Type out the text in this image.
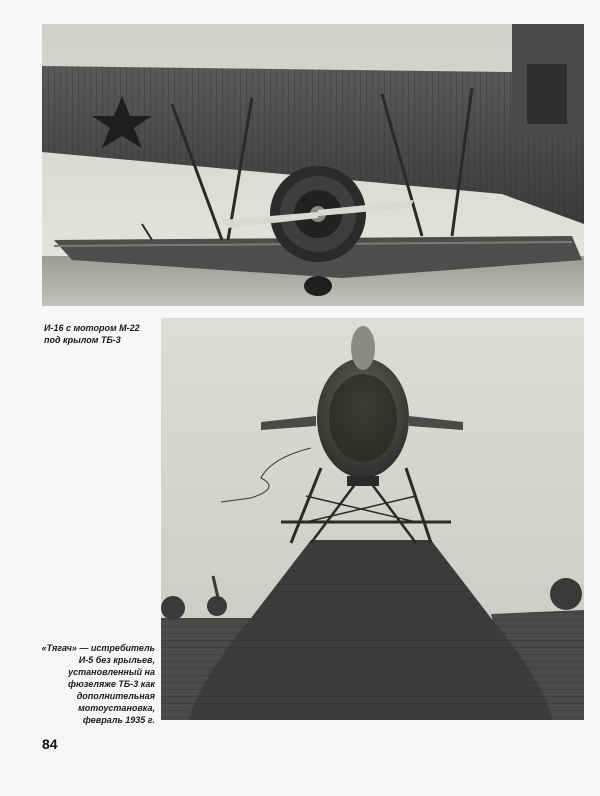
И-16 с мотором М-22
под крылом ТБ-3
«Тягач» — истребитель
И-5 без крыльев,
установленный на
фюзеляже ТБ-3 как
дополнительная
мотоустановка,
февраль 1935 г.
84
